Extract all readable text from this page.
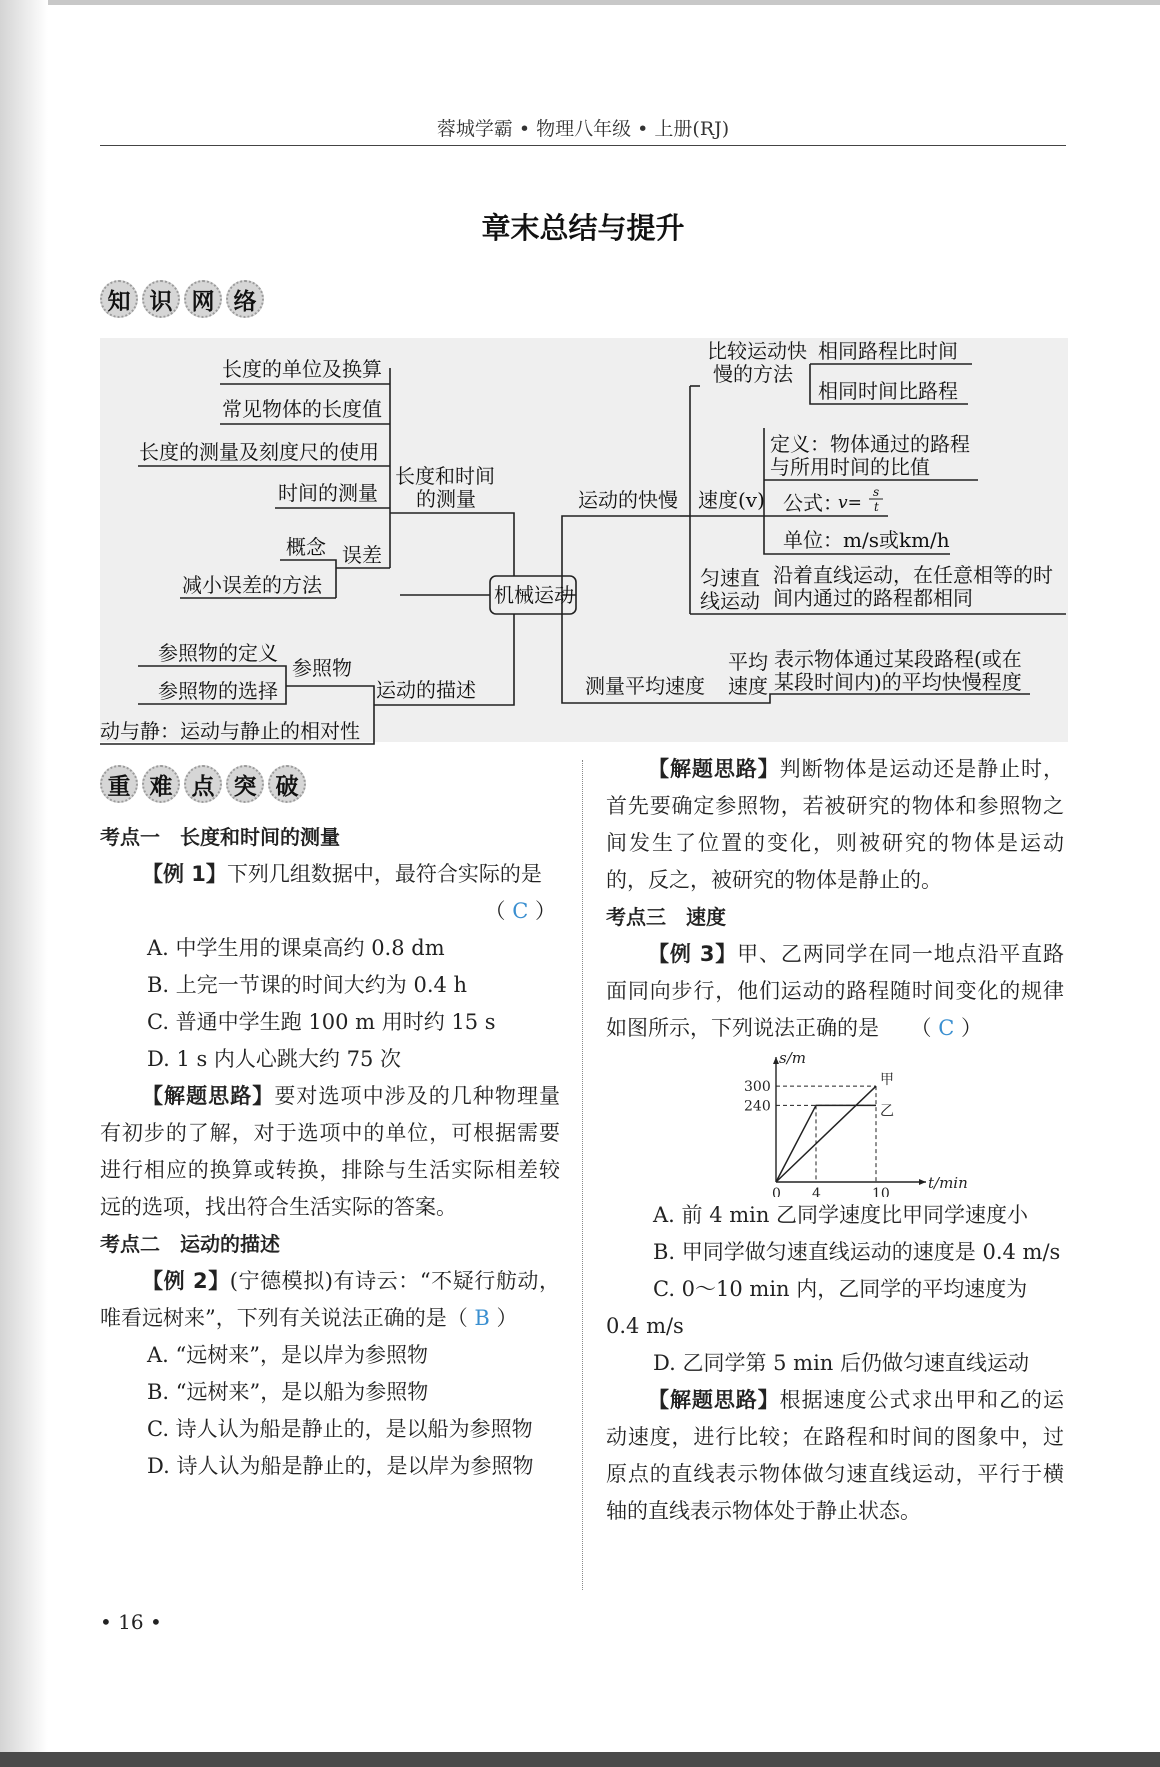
蓉城学霸 • 物理八年级 • 上册(RJ)
章末总结与提升
知 识 网 络
长度的单位及换算
常见物体的长度值
长度的测量及刻度尺的使用
时间的测量
长度和时间
的测量
概念 误差
减小误差的方法	机械运动
参照物的定义
参照物的选择
参照物
运动的描述
动与静：运动与静止的相对性
运动的快慢
比较运动快
慢的方法
相同路程比时间
相同时间比路程
速度(v)
定义：物体通过的路程
与所用时间的比值
公式：
v=
s
t
单位：m/s或km/h
匀速直
线运动
沿着直线运动，在任意相等的时
间内通过的路程都相同
测量平均速度
平均
速度
表示物体通过某段路程(或在
某段时间内)的平均快慢程度
重 难 点 突 破

考点一　长度和时间的测量

【例 1】下列几组数据中，最符合实际的是

（ C ）

A. 中学生用的课桌高约 0.8 dm

B. 上完一节课的时间大约为 0.4 h

C. 普通中学生跑 100 m 用时约 15 s

D. 1 s 内人心跳大约 75 次

【解题思路】要对选项中涉及的几种物理量有初步的了解，对于选项中的单位，可根据需要进行相应的换算或转换，排除与生活实际相差较远的选项，找出符合生活实际的答案。

考点二　运动的描述

【例 2】(宁德模拟)有诗云：“不疑行舫动，唯看远树来”，下列有关说法正确的是（ B ）

A. “远树来”，是以岸为参照物

B. “远树来”，是以船为参照物

C. 诗人认为船是静止的，是以船为参照物

D. 诗人认为船是静止的，是以岸为参照物

【解题思路】判断物体是运动还是静止时，首先要确定参照物，若被研究的物体和参照物之间发生了位置的变化，则被研究的物体是运动的，反之，被研究的物体是静止的。

考点三　速度

【例 3】甲、乙两同学在同一地点沿平直路面同向步行，他们运动的路程随时间变化的规律如图所示，下列说法正确的是　　 （ C ）

s/m
t/min
0 4	10
240
300	甲
乙

A. 前 4 min 乙同学速度比甲同学速度小

B. 甲同学做匀速直线运动的速度是 0.4 m/s

C. 0～10 min 内，乙同学的平均速度为 0.4 m/s

D. 乙同学第 5 min 后仍做匀速直线运动

【解题思路】根据速度公式求出甲和乙的运动速度，进行比较；在路程和时间的图象中，过原点的直线表示物体做匀速直线运动，平行于横轴的直线表示物体处于静止状态。

• 16 •
